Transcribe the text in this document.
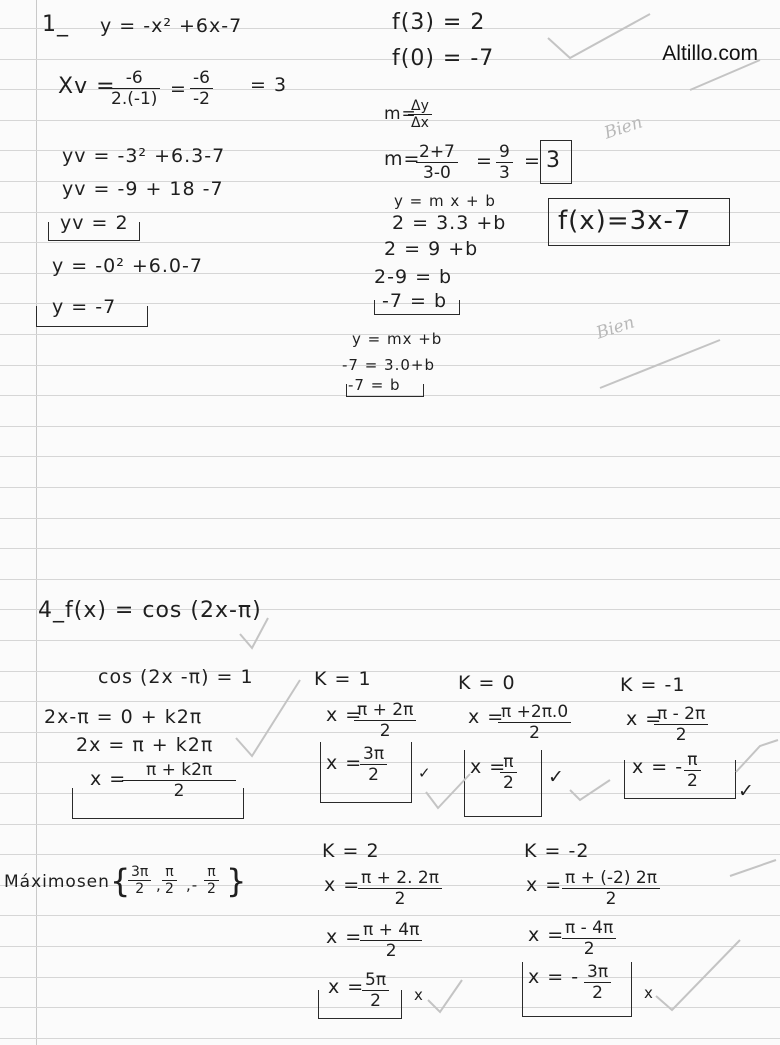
Altillo.com
1_ y = -x² +6x-7
Xv =
$\frac{-6}{2.(-1)} = \frac{-6}{-2} = 3$
yv = -3² +6.3-7
yv = -9 + 18 -7
yv = 2
y = -0² +6.0-7
y = -7
f(3) = 2
f(0) = -7
m=
$\frac{\Delta y}{\Delta x}$
m=
$\frac{2+7}{3-0} = \frac{9}{3} = 3$
y = m x + b
2 = 3.3 +b
2 = 9 +b
2-9 = b
-7 = b
y = mx +b
-7 = 3.0+b
-7 = b
f(x)=3x-7
Bien
Bien
4_f(x) = cos (2x-π)
cos (2x -π) = 1
2x-π = 0 + k2π
2x = π + k2π
x =
$\frac{\pi + k2\pi}{2}$
K = 1
x =
$\frac{\pi + 2\pi}{2}$
x =
$\frac{3\pi}{2}$ ✓
K = 0
x =
$\frac{\pi +2\pi.0}{2}$
x =
$\frac{\pi}{2}$ ✓
K = -1
x =
$\frac{\pi - 2\pi}{2}$
x = - $\frac{\pi}{2}$ ✓
Máximosen {
$\frac{3\pi}{2}$ , $\frac{\pi}{2}$ ,- $\frac{\pi}{2}$ }
K = 2
x =
$\frac{\pi + 2. 2\pi}{2}$
x =
$\frac{\pi + 4\pi}{2}$
x =
$\frac{5\pi}{2}$ x
K = -2
$x = \frac{\pi + (-2) 2\pi}{2}$
x =
$\frac{\pi - 4\pi}{2}$
x = - $\frac{3\pi}{2}$ x
